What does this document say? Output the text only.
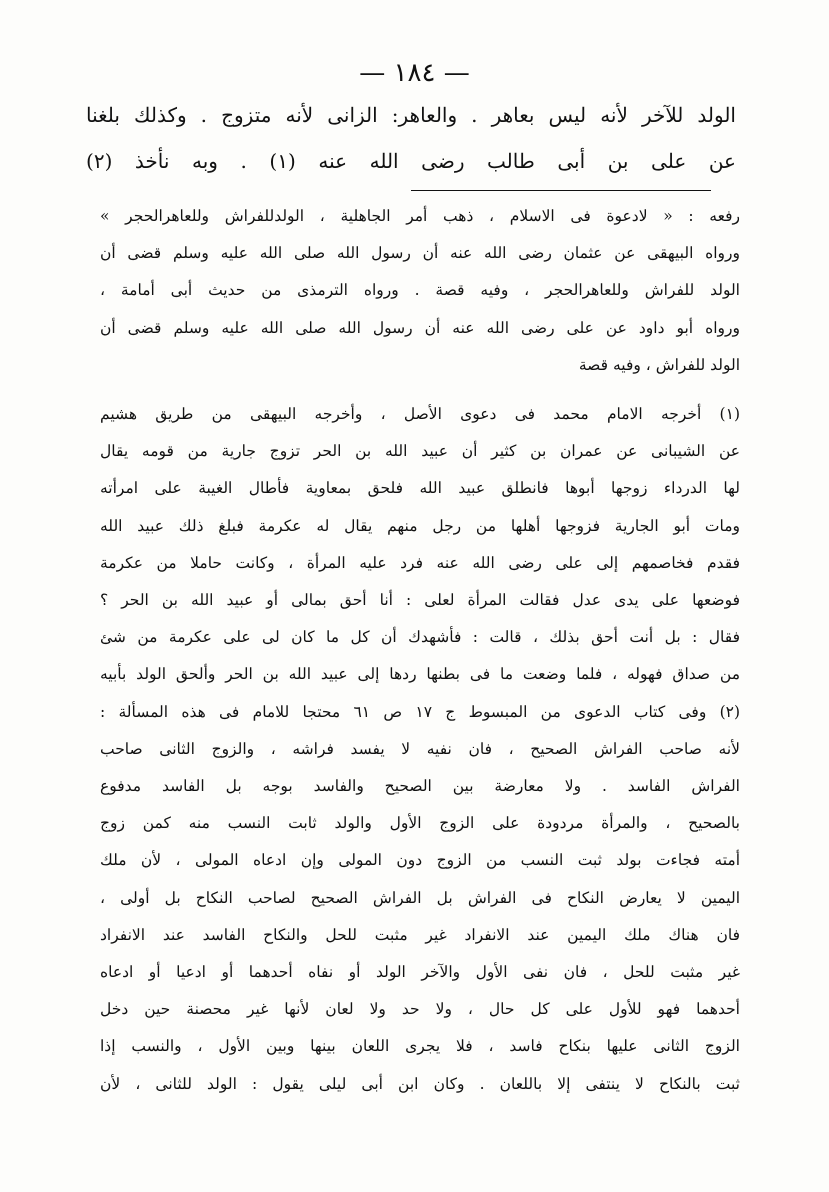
— ١٨٤ —
الولد للآخر لأنه ليس بعاهر . والعاهر: الزانى لأنه متزوج . وكذلك بلغنا
عن على بن أبى طالب رضى الله عنه (١) . وبه نأخذ (٢)
رفعه : « لادعوة فى الاسلام ، ذهب أمر الجاهلية ، الولدللفراش وللعاهرالحجر »
ورواه البيهقى عن عثمان رضى الله عنه أن رسول الله صلى الله عليه وسلم قضى أن
الولد للفراش وللعاهرالحجر ، وفيه قصة . ورواه الترمذى من حديث أبى أمامة ،
ورواه أبو داود عن على رضى الله عنه أن رسول الله صلى الله عليه وسلم قضى أن
الولد للفراش ، وفيه قصة
(١) أخرجه الامام محمد فى دعوى الأصل ، وأخرجه البيهقى من طريق هشيم
عن الشيبانى عن عمران بن كثير أن عبيد الله بن الحر تزوج جارية من قومه يقال
لها الدرداء زوجها أبوها فانطلق عبيد الله فلحق بمعاوية فأطال الغيبة على امرأته
ومات أبو الجارية فزوجها أهلها من رجل منهم يقال له عكرمة فبلغ ذلك عبيد الله
فقدم فخاصمهم إلى على رضى الله عنه فرد عليه المرأة ، وكانت حاملا من عكرمة
فوضعها على يدى عدل فقالت المرأة لعلى : أنا أحق بمالى أو عبيد الله بن الحر ؟
فقال : بل أنت أحق بذلك ، قالت : فأشهدك أن كل ما كان لى على عكرمة من شئ
من صداق فهوله ، فلما وضعت ما فى بطنها ردها إلى عبيد الله بن الحر وألحق الولد بأبيه
(٢) وفى كتاب الدعوى من المبسوط ج ١٧ ص ٦١ محتجا للامام فى هذه المسألة :
لأنه صاحب الفراش الصحيح ، فان نفيه لا يفسد فراشه ، والزوج الثانى صاحب
الفراش الفاسد . ولا معارضة بين الصحيح والفاسد بوجه بل الفاسد مدفوع
بالصحيح ، والمرأة مردودة على الزوج الأول والولد ثابت النسب منه كمن زوج
أمته فجاءت بولد ثبت النسب من الزوج دون المولى وإن ادعاه المولى ، لأن ملك
اليمين لا يعارض النكاح فى الفراش بل الفراش الصحيح لصاحب النكاح بل أولى ،
فان هناك ملك اليمين عند الانفراد غير مثبت للحل والنكاح الفاسد عند الانفراد
غير مثبت للحل ، فان نفى الأول والآخر الولد أو نفاه أحدهما أو ادعيا أو ادعاه
أحدهما فهو للأول على كل حال ، ولا حد ولا لعان لأنها غير محصنة حين دخل
الزوج الثانى عليها بنكاح فاسد ، فلا يجرى اللعان بينها وبين الأول ، والنسب إذا
ثبت بالنكاح لا ينتفى إلا باللعان . وكان ابن أبى ليلى يقول : الولد للثانى ، لأن
